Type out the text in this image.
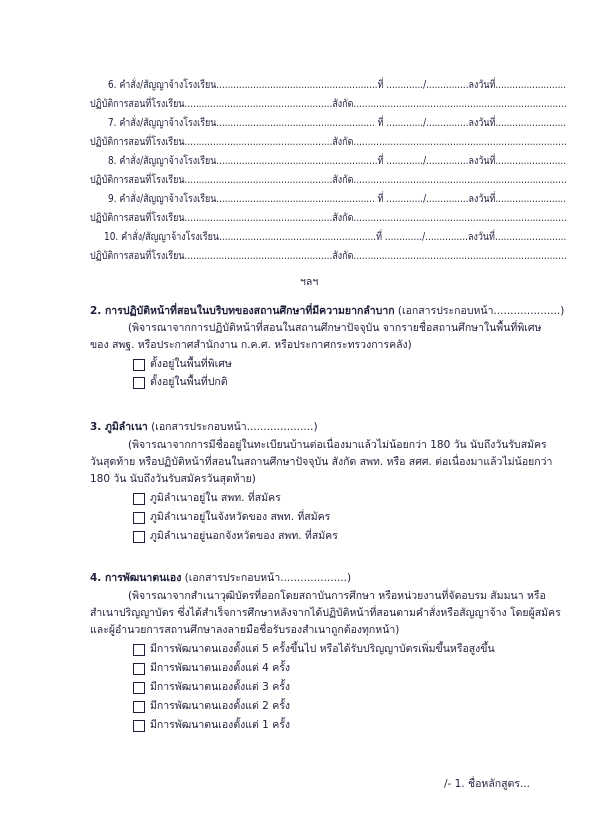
6. คำสั่ง/สัญญาจ้างโรงเรียน.........................................................ที่ ............./...............ลงวันที่.........................
ปฏิบัติการสอนที่โรงเรียน....................................................สังกัด...........................................................................
7. คำสั่ง/สัญญาจ้างโรงเรียน........................................................ ที่ ............./...............ลงวันที่.........................
ปฏิบัติการสอนที่โรงเรียน....................................................สังกัด...........................................................................
8. คำสั่ง/สัญญาจ้างโรงเรียน.........................................................ที่ ............./...............ลงวันที่.........................
ปฏิบัติการสอนที่โรงเรียน....................................................สังกัด...........................................................................
9. คำสั่ง/สัญญาจ้างโรงเรียน........................................................ ที่ ............./...............ลงวันที่.........................
ปฏิบัติการสอนที่โรงเรียน....................................................สังกัด...........................................................................
10. คำสั่ง/สัญญาจ้างโรงเรียน.......................................................ที่ ............./...............ลงวันที่.........................
ปฏิบัติการสอนที่โรงเรียน....................................................สังกัด...........................................................................
ฯลฯ
2. การปฏิบัติหน้าที่สอนในบริบทของสถานศึกษาที่มีความยากลำบาก (เอกสารประกอบหน้า....................)
(พิจารณาจากการปฏิบัติหน้าที่สอนในสถานศึกษาปัจจุบัน จากรายชื่อสถานศึกษาในพื้นที่พิเศษ
ของ สพฐ. หรือประกาศสำนักงาน ก.ค.ศ. หรือประกาศกระทรวงการคลัง)
ตั้งอยู่ในพื้นที่พิเศษ
ตั้งอยู่ในพื้นที่ปกติ
3. ภูมิลำเนา (เอกสารประกอบหน้า....................)
(พิจารณาจากการมีชื่ออยู่ในทะเบียนบ้านต่อเนื่องมาแล้วไม่น้อยกว่า 180 วัน นับถึงวันรับสมัคร
วันสุดท้าย หรือปฏิบัติหน้าที่สอนในสถานศึกษาปัจจุบัน สังกัด สพท. หรือ สศศ. ต่อเนื่องมาแล้วไม่น้อยกว่า
180 วัน นับถึงวันรับสมัครวันสุดท้าย)
ภูมิลำเนาอยู่ใน สพท. ที่สมัคร
ภูมิลำเนาอยู่ในจังหวัดของ สพท. ที่สมัคร
ภูมิลำเนาอยู่นอกจังหวัดของ สพท. ที่สมัคร
4. การพัฒนาตนเอง (เอกสารประกอบหน้า....................)
(พิจารณาจากสำเนาวุฒิบัตรที่ออกโดยสถาบันการศึกษา หรือหน่วยงานที่จัดอบรม สัมมนา หรือ
สำเนาปริญญาบัตร ซึ่งได้สำเร็จการศึกษาหลังจากได้ปฏิบัติหน้าที่สอนตามคำสั่งหรือสัญญาจ้าง โดยผู้สมัคร
และผู้อำนวยการสถานศึกษาลงลายมือชื่อรับรองสำเนาถูกต้องทุกหน้า)
มีการพัฒนาตนเองตั้งแต่ 5 ครั้งขึ้นไป หรือได้รับปริญญาบัตรเพิ่มขึ้นหรือสูงขึ้น
มีการพัฒนาตนเองตั้งแต่ 4 ครั้ง
มีการพัฒนาตนเองตั้งแต่ 3 ครั้ง
มีการพัฒนาตนเองตั้งแต่ 2 ครั้ง
มีการพัฒนาตนเองตั้งแต่ 1 ครั้ง
/- 1. ชื่อหลักสูตร...
